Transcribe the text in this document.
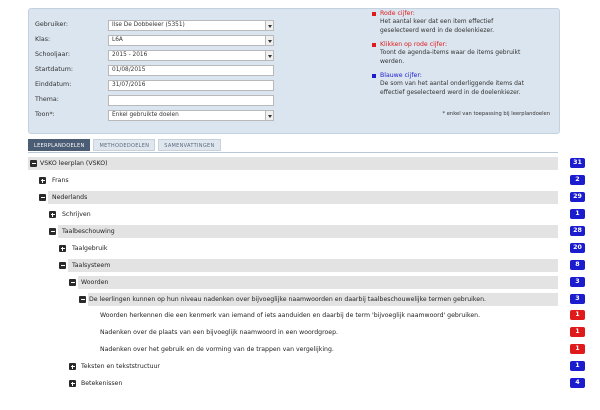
Gebruiker:	Ilse De Dobbeleer (5351)
Klas:	L6A
Schooljaar:	2015 - 2016
Startdatum:	01/08/2015
Einddatum:	31/07/2016
Thema:
Toon*:	Enkel gebruikte doelen
Rode cijfer:
Het aantal keer dat een item effectief geselecteerd werd in de doelenkiezer.
Klikken op rode cijfer:
Toont de agenda-items waar de items gebruikt werden.
Blauwe cijfer:
De som van het aantal onderliggende items dat effectief geselecteerd werd in de doelenkiezer.
* enkel van toepassing bij leerplandoelen
LEERPLANDOELEN	METHODEDOELEN	SAMENVATTINGEN
VSKO leerplan (VSKO)	31
Frans	2
Nederlands	29
Schrijven	1
Taalbeschouwing	28
Taalgebruik	20
Taalsysteem	8
Woorden	3
De leerlingen kunnen op hun niveau nadenken over bijvoeglijke naamwoorden en daarbij taalbeschouwelijke termen gebruiken.	3
Woorden herkennen die een kenmerk van iemand of iets aanduiden en daarbij de term 'bijvoeglijk naamwoord' gebruiken.	1
Nadenken over de plaats van een bijvoeglijk naamwoord in een woordgroep.	1
Nadenken over het gebruik en de vorming van de trappen van vergelijking.	1
Teksten en tekststructuur	1
Betekenissen	4
